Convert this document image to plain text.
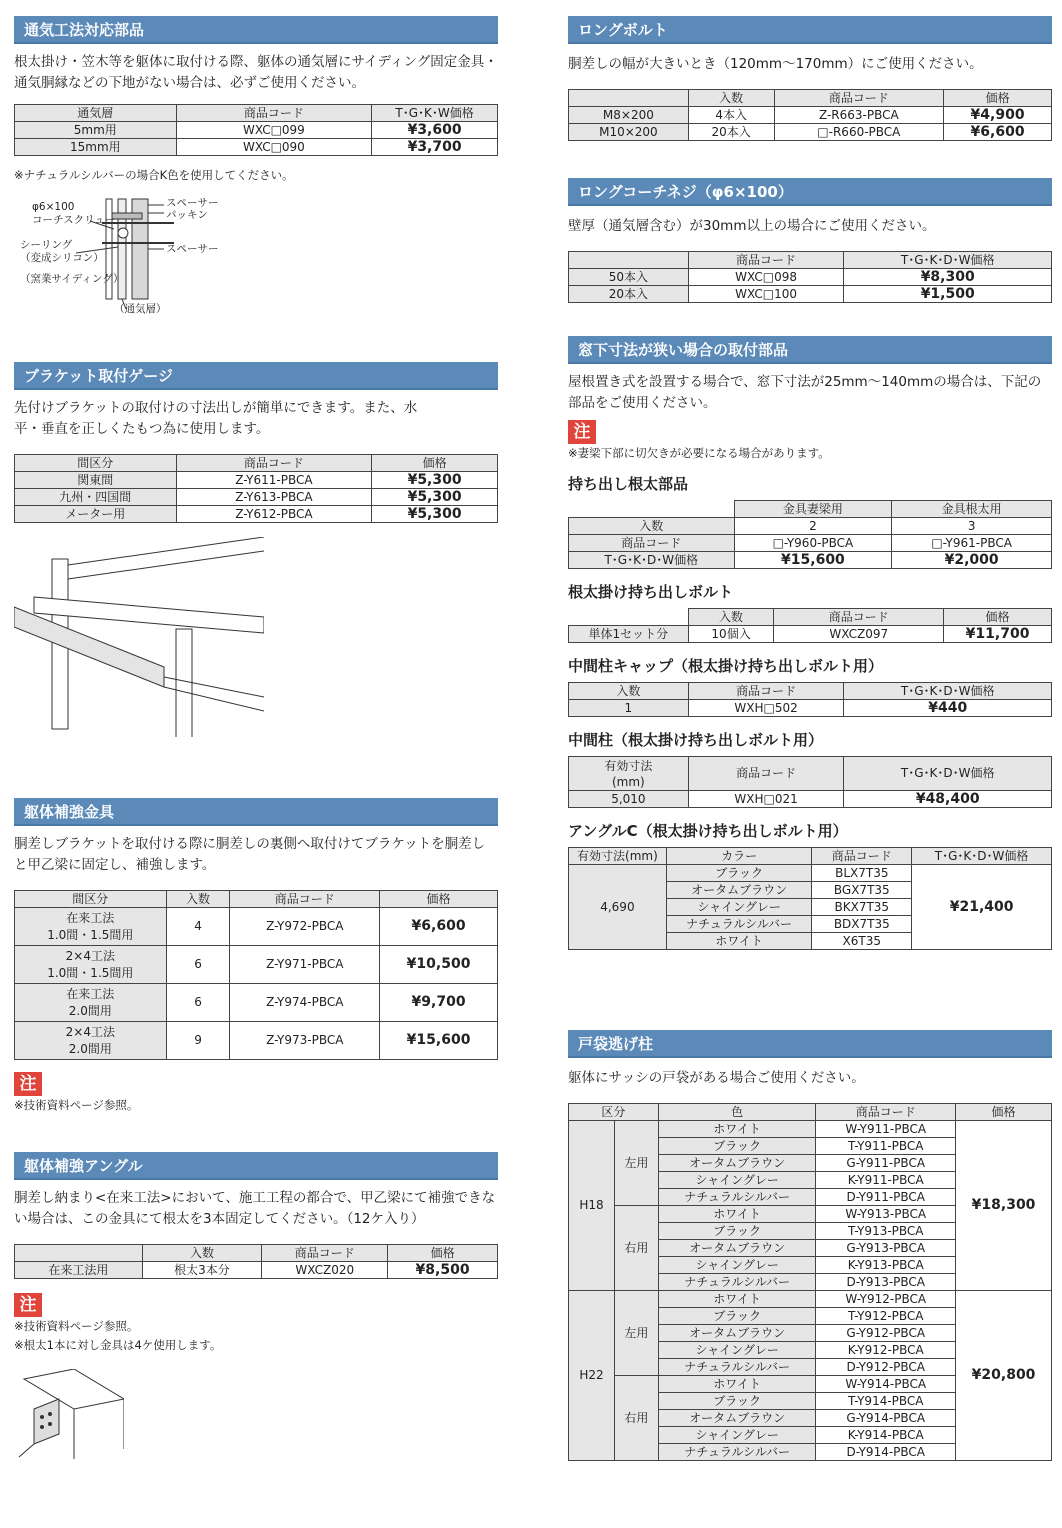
通気工法対応部品
根太掛け・笠木等を躯体に取付ける際、躯体の通気層にサイディング固定金具・通気胴縁などの下地がない場合は、必ずご使用ください。
通気層	商品コード	T･G･K･W価格
5mm用	WXC□099	¥3,600
15mm用	WXC□090	¥3,700
※ナチュラルシルバーの場合K色を使用してください。
φ6×100
コーチスクリュー
シーリング
（変成シリコン）
（窯業サイディング）
スペーサー
パッキン
スペーサー
（通気層）
ブラケット取付ゲージ
先付けブラケットの取付けの寸法出しが簡単にできます。また、水平・垂直を正しくたもつ為に使用します。
間区分	商品コード	価格
関東間	Z-Y611-PBCA	¥5,300
九州・四国間	Z-Y613-PBCA	¥5,300
メーター用	Z-Y612-PBCA	¥5,300
躯体補強金具
胴差しブラケットを取付ける際に胴差しの裏側へ取付けてブラケットを胴差しと甲乙梁に固定し、補強します。
間区分	入数	商品コード	価格

在来工法
1.0間・1.5間用	4	Z-Y972-PBCA	¥6,600

2×4工法
1.0間・1.5間用	6	Z-Y971-PBCA	¥10,500

在来工法
2.0間用	6	Z-Y974-PBCA	¥9,700

2×4工法
2.0間用	9	Z-Y973-PBCA	¥15,600
注
※技術資料ページ参照。
躯体補強アングル
胴差し納まり<在来工法>において、施工工程の都合で、甲乙梁にて補強できない場合は、この金具にて根太を3本固定してください。（12ケ入り）
	入数	商品コード	価格
在来工法用	根太3本分	WXCZ020	¥8,500
注
※技術資料ページ参照。
※根太1本に対し金具は4ケ使用します。
ロングボルト
胴差しの幅が大きいとき（120mm〜170mm）にご使用ください。
	入数	商品コード	価格
M8×200	4本入	Z-R663-PBCA	¥4,900
M10×200	20本入	□-R660-PBCA	¥6,600
ロングコーチネジ（φ6×100）
壁厚（通気層含む）が30mm以上の場合にご使用ください。
	商品コード	T･G･K･D･W価格
50本入	WXC□098	¥8,300
20本入	WXC□100	¥1,500
窓下寸法が狭い場合の取付部品
屋根置き式を設置する場合で、窓下寸法が25mm〜140mmの場合は、下記の部品をご使用ください。
注
※妻梁下部に切欠きが必要になる場合があります。
持ち出し根太部品
	金具妻梁用	金具根太用
入数	2	3
商品コード	□-Y960-PBCA	□-Y961-PBCA
T･G･K･D･W価格	¥15,600	¥2,000
根太掛け持ち出しボルト
	入数	商品コード	価格
単体1セット分	10個入	WXCZ097	¥11,700
中間柱キャップ（根太掛け持ち出しボルト用）
入数	商品コード	T･G･K･D･W価格
1	WXH□502	¥440
中間柱（根太掛け持ち出しボルト用）
有効寸法
(mm)	商品コード	T･G･K･D･W価格
5,010	WXH□021	¥48,400
アングルC（根太掛け持ち出しボルト用）
有効寸法(mm)	カラー	商品コード	T･G･K･D･W価格
4,690	ブラック	BLX7T35	¥21,400
	オータムブラウン	BGX7T35	
	シャイングレー	BKX7T35	
	ナチュラルシルバー	BDX7T35	
	ホワイト	X6T35	
戸袋逃げ柱
躯体にサッシの戸袋がある場合ご使用ください。
区分		色	商品コード	価格
H18	左用	ホワイト	W-Y911-PBCA	¥18,300
		ブラック	T-Y911-PBCA	
		オータムブラウン	G-Y911-PBCA	
		シャイングレー	K-Y911-PBCA	
		ナチュラルシルバー	D-Y911-PBCA	
	右用	ホワイト	W-Y913-PBCA	
		ブラック	T-Y913-PBCA	
		オータムブラウン	G-Y913-PBCA	
		シャイングレー	K-Y913-PBCA	
		ナチュラルシルバー	D-Y913-PBCA	
H22	左用	ホワイト	W-Y912-PBCA	¥20,800
		ブラック	T-Y912-PBCA	
		オータムブラウン	G-Y912-PBCA	
		シャイングレー	K-Y912-PBCA	
		ナチュラルシルバー	D-Y912-PBCA	
	右用	ホワイト	W-Y914-PBCA	
		ブラック	T-Y914-PBCA	
		オータムブラウン	G-Y914-PBCA	
		シャイングレー	K-Y914-PBCA	
		ナチュラルシルバー	D-Y914-PBCA	
